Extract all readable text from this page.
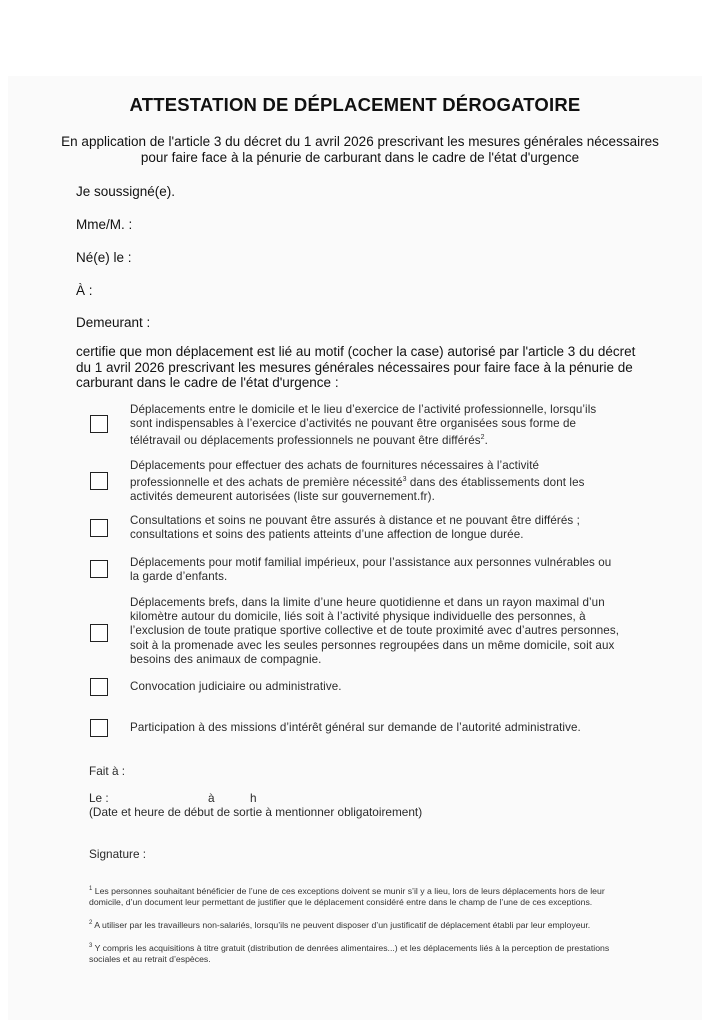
ATTESTATION DE DÉPLACEMENT DÉROGATOIRE
En application de l'article 3 du décret du 1 avril 2026 prescrivant les mesures générales nécessaires pour faire face à la pénurie de carburant dans le cadre de l'état d'urgence
Je soussigné(e).
Mme/M. :
Né(e) le :
À :
Demeurant :
certifie que mon déplacement est lié au motif (cocher la case) autorisé par l'article 3 du décret du 1 avril 2026 prescrivant les mesures générales nécessaires pour faire face à la pénurie de carburant dans le cadre de l'état d'urgence :
Déplacements entre le domicile et le lieu d’exercice de l’activité professionnelle, lorsqu’ils sont indispensables à l’exercice d’activités ne pouvant être organisées sous forme de télétravail ou déplacements professionnels ne pouvant être différés$^2$.
Déplacements pour effectuer des achats de fournitures nécessaires à l’activité professionnelle et des achats de première nécessité$^3$ dans des établissements dont les activités demeurent autorisées (liste sur gouvernement.fr).
Consultations et soins ne pouvant être assurés à distance et ne pouvant être différés ; consultations et soins des patients atteints d’une affection de longue durée.
Déplacements pour motif familial impérieux, pour l’assistance aux personnes vulnérables ou la garde d’enfants.
Déplacements brefs, dans la limite d’une heure quotidienne et dans un rayon maximal d’un kilomètre autour du domicile, liés soit à l’activité physique individuelle des personnes, à l’exclusion de toute pratique sportive collective et de toute proximité avec d’autres personnes, soit à la promenade avec les seules personnes regroupées dans un même domicile, soit aux besoins des animaux de compagnie.
Convocation judiciaire ou administrative.
Participation à des missions d’intérêt général sur demande de l’autorité administrative.
Fait à :
Le :	à	h
(Date et heure de début de sortie à mentionner obligatoirement)
Signature :
$^1$ Les personnes souhaitant bénéficier de l’une de ces exceptions doivent se munir s’il y a lieu, lors de leurs déplacements hors de leur domicile, d’un document leur permettant de justifier que le déplacement considéré entre dans le champ de l’une de ces exceptions.
$^2$ A utiliser par les travailleurs non-salariés, lorsqu’ils ne peuvent disposer d’un justificatif de déplacement établi par leur employeur.
$^3$ Y compris les acquisitions à titre gratuit (distribution de denrées alimentaires...) et les déplacements liés à la perception de prestations sociales et au retrait d’espèces.
